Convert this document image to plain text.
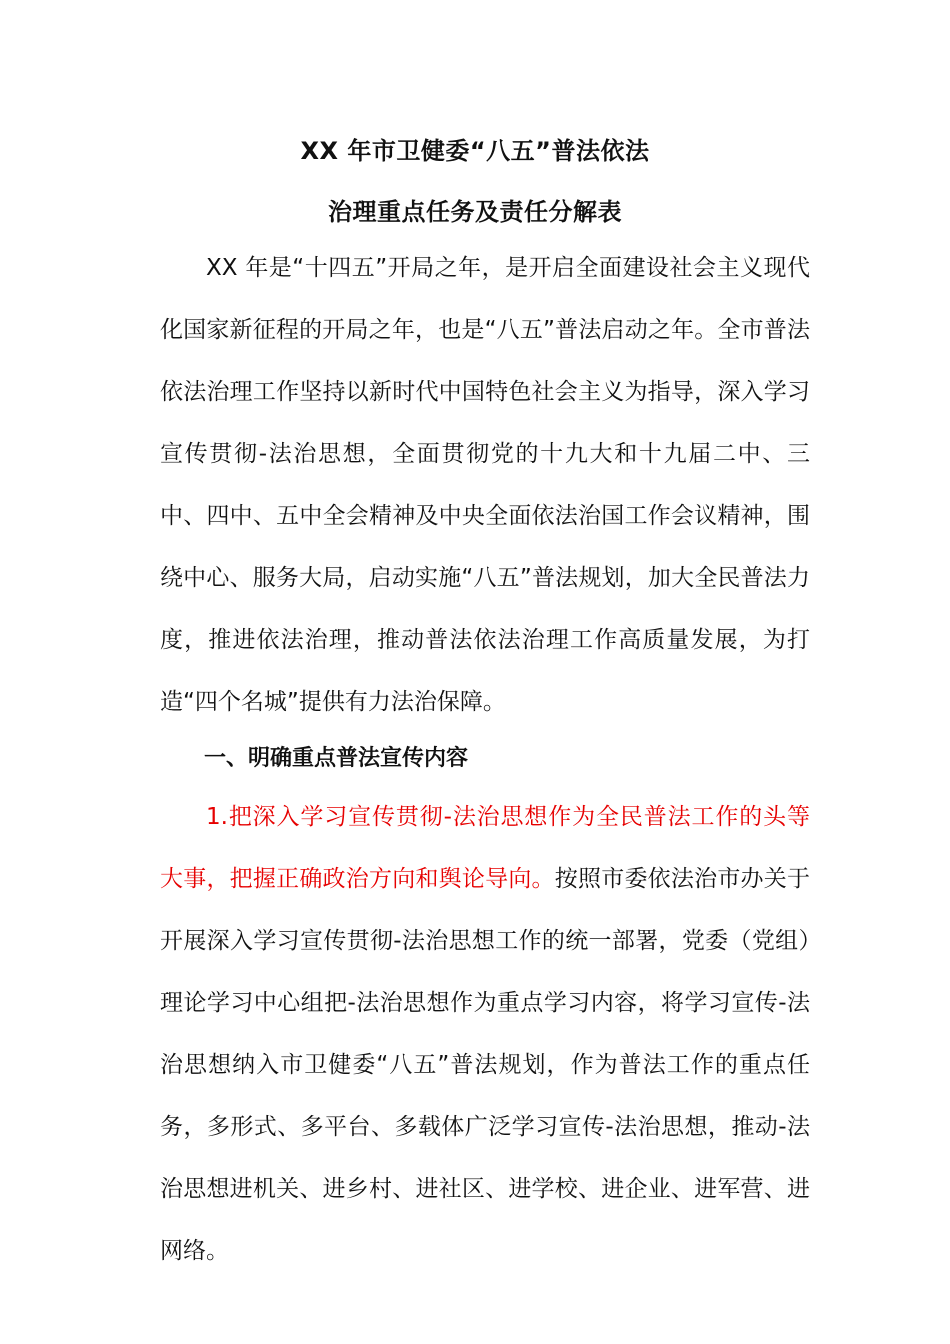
XX 年市卫健委“八五”普法依法
治理重点任务及责任分解表
XX 年是“十四五”开局之年，是开启全面建设社会主义现代化国家新征程的开局之年，也是“八五”普法启动之年。全市普法依法治理工作坚持以新时代中国特色社会主义为指导，深入学习宣传贯彻-法治思想，全面贯彻党的十九大和十九届二中、三中、四中、五中全会精神及中央全面依法治国工作会议精神，围绕中心、服务大局，启动实施“八五”普法规划，加大全民普法力度，推进依法治理，推动普法依法治理工作高质量发展，为打造“四个名城”提供有力法治保障。
一、明确重点普法宣传内容
1.把深入学习宣传贯彻-法治思想作为全民普法工作的头等大事，把握正确政治方向和舆论导向。按照市委依法治市办关于开展深入学习宣传贯彻-法治思想工作的统一部署，党委（党组）理论学习中心组把-法治思想作为重点学习内容，将学习宣传-法治思想纳入市卫健委“八五”普法规划，作为普法工作的重点任务，多形式、多平台、多载体广泛学习宣传-法治思想，推动-法治思想进机关、进乡村、进社区、进学校、进企业、进军营、进网络。
